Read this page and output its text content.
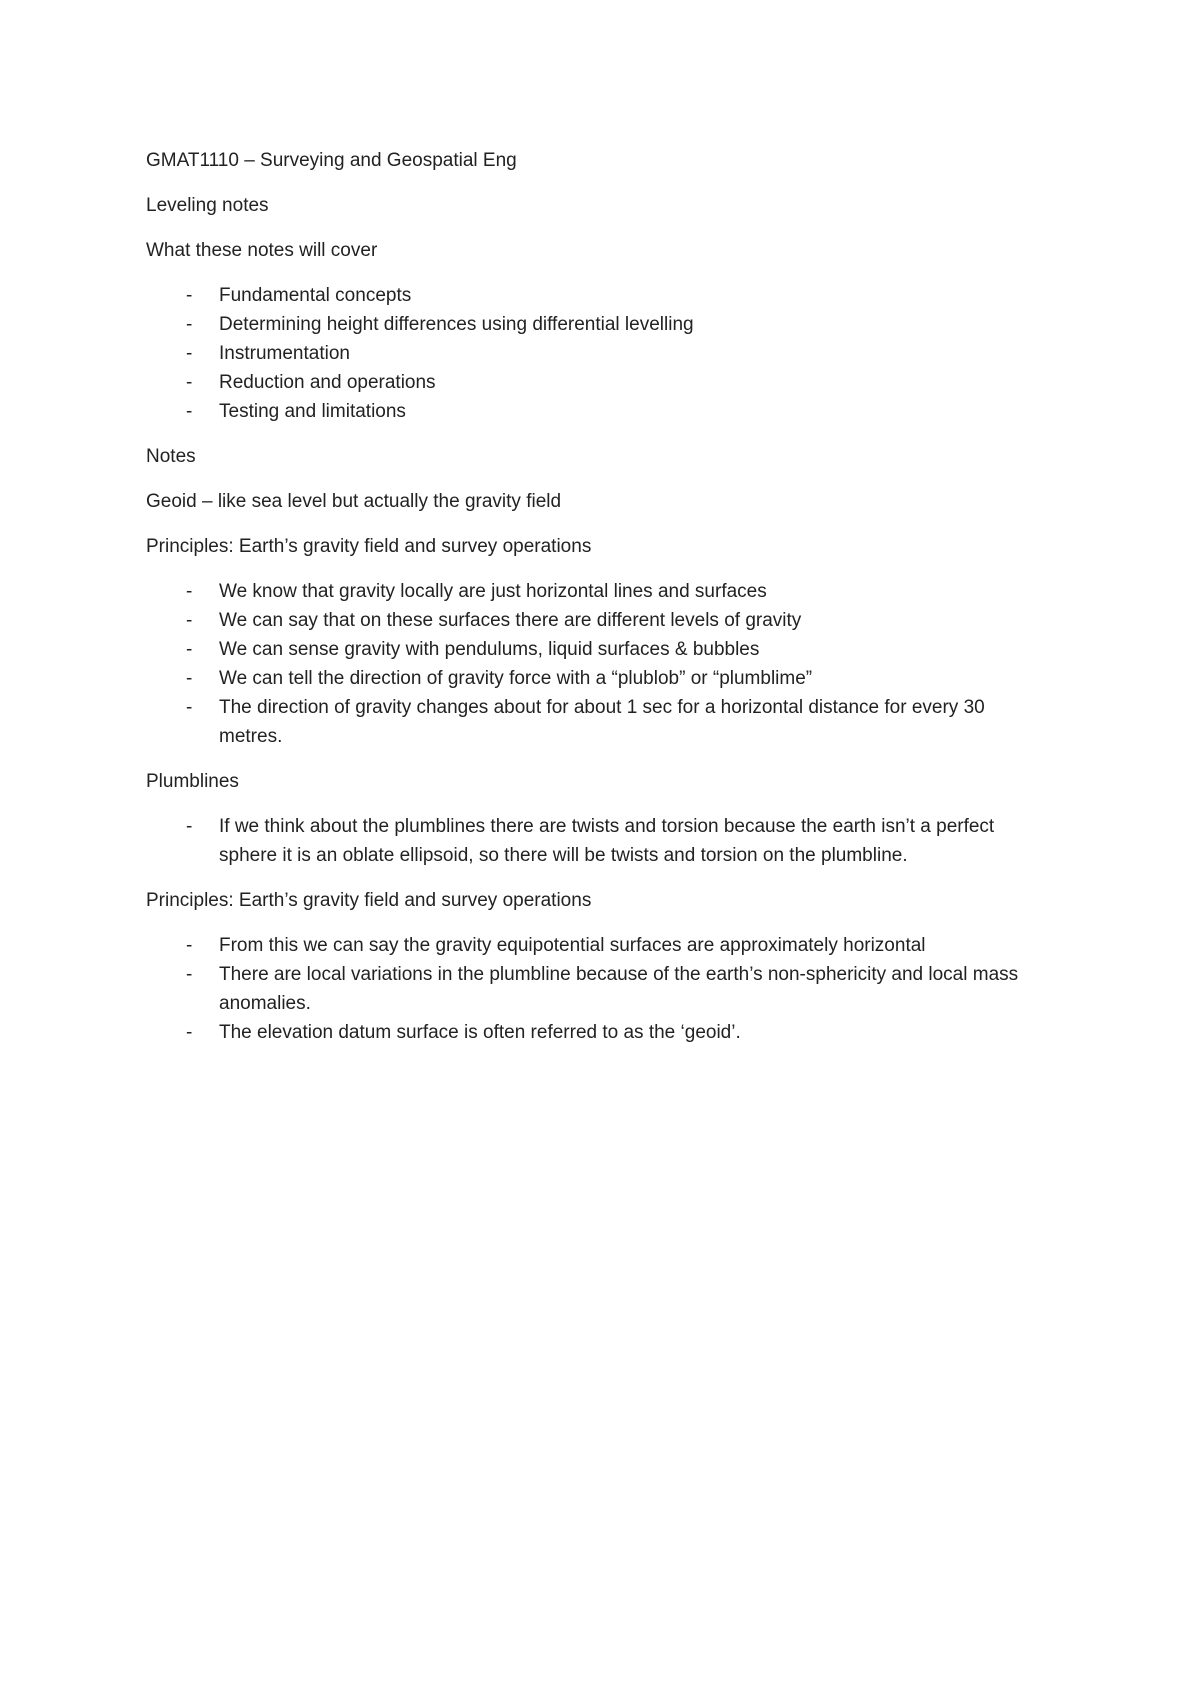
GMAT1110 – Surveying and Geospatial Eng

Leveling notes

What these notes will cover

- Fundamental concepts
- Determining height differences using differential levelling
- Instrumentation
- Reduction and operations
- Testing and limitations

Notes

Geoid – like sea level but actually the gravity field

Principles: Earth’s gravity field and survey operations

- We know that gravity locally are just horizontal lines and surfaces
- We can say that on these surfaces there are different levels of gravity
- We can sense gravity with pendulums, liquid surfaces & bubbles
- We can tell the direction of gravity force with a “plublob” or “plumblime”
- The direction of gravity changes about for about 1 sec for a horizontal distance for every 30 metres.

Plumblines

- If we think about the plumblines there are twists and torsion because the earth isn’t a perfect sphere it is an oblate ellipsoid, so there will be twists and torsion on the plumbline.

Principles: Earth’s gravity field and survey operations

- From this we can say the gravity equipotential surfaces are approximately horizontal
- There are local variations in the plumbline because of the earth’s non-sphericity and local mass anomalies.
- The elevation datum surface is often referred to as the ‘geoid’.
